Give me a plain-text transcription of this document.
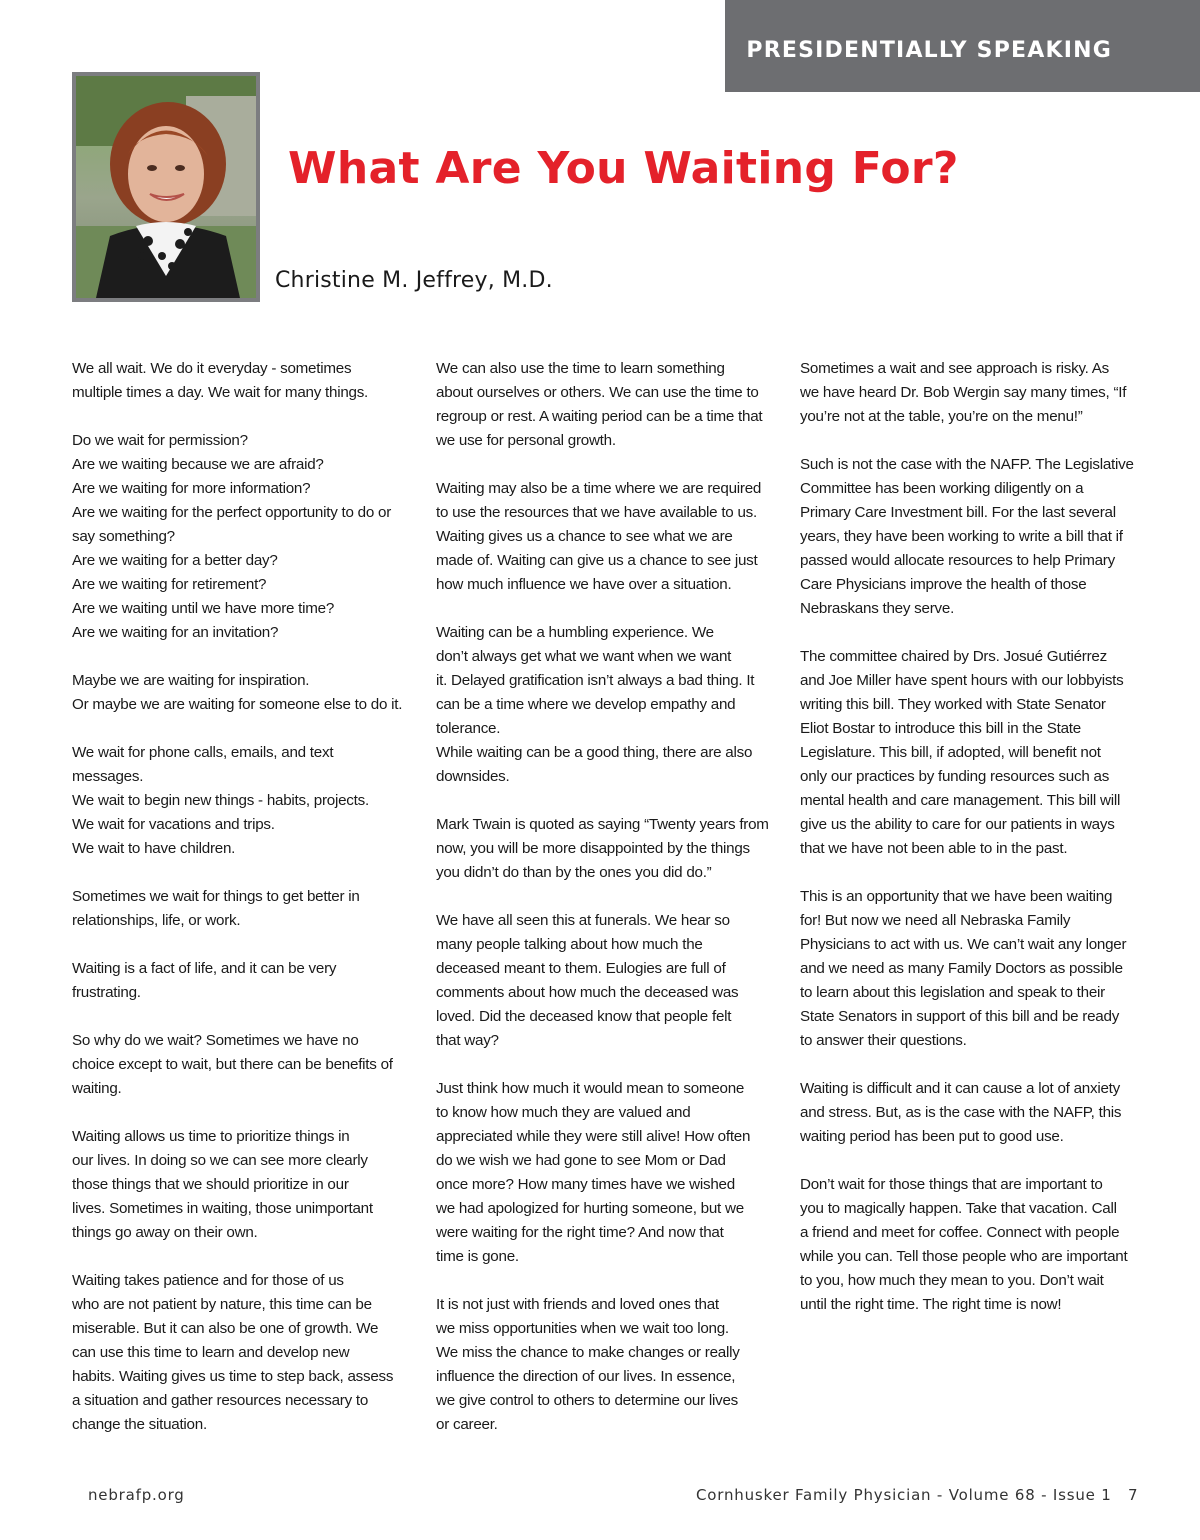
PRESIDENTIALLY SPEAKING
What Are You Waiting For?
Christine M. Jeffrey, M.D.

We all wait. We do it everyday - sometimes
multiple times a day. We wait for many things.

Do we wait for permission?
Are we waiting because we are afraid?
Are we waiting for more information?
Are we waiting for the perfect opportunity to do or
say something?
Are we waiting for a better day?
Are we waiting for retirement?
Are we waiting until we have more time?
Are we waiting for an invitation?

Maybe we are waiting for inspiration.
Or maybe we are waiting for someone else to do it.

We wait for phone calls, emails, and text messages.
We wait to begin new things - habits, projects.
We wait for vacations and trips.
We wait to have children.

Sometimes we wait for things to get better in
relationships, life, or work.

Waiting is a fact of life, and it can be very
frustrating.

So why do we wait? Sometimes we have no
choice except to wait, but there can be benefits of
waiting.

Waiting allows us time to prioritize things in
our lives. In doing so we can see more clearly
those things that we should prioritize in our
lives. Sometimes in waiting, those unimportant
things go away on their own.

Waiting takes patience and for those of us
who are not patient by nature, this time can be
miserable. But it can also be one of growth. We
can use this time to learn and develop new
habits. Waiting gives us time to step back, assess
a situation and gather resources necessary to
change the situation.

We can also use the time to learn something
about ourselves or others. We can use the time to
regroup or rest. A waiting period can be a time that
we use for personal growth.

Waiting may also be a time where we are required
to use the resources that we have available to us.
Waiting gives us a chance to see what we are
made of. Waiting can give us a chance to see just
how much influence we have over a situation.

Waiting can be a humbling experience. We
don’t always get what we want when we want
it. Delayed gratification isn’t always a bad thing. It
can be a time where we develop empathy and
tolerance.
While waiting can be a good thing, there are also
downsides.

Mark Twain is quoted as saying “Twenty years from
now, you will be more disappointed by the things
you didn’t do than by the ones you did do.”

We have all seen this at funerals. We hear so
many people talking about how much the
deceased meant to them. Eulogies are full of
comments about how much the deceased was
loved. Did the deceased know that people felt
that way?

Just think how much it would mean to someone
to know how much they are valued and
appreciated while they were still alive! How often
do we wish we had gone to see Mom or Dad
once more? How many times have we wished
we had apologized for hurting someone, but we
were waiting for the right time? And now that
time is gone.

It is not just with friends and loved ones that
we miss opportunities when we wait too long.
We miss the chance to make changes or really
influence the direction of our lives. In essence,
we give control to others to determine our lives
or career.

Sometimes a wait and see approach is risky. As
we have heard Dr. Bob Wergin say many times, “If
you’re not at the table, you’re on the menu!”

Such is not the case with the NAFP. The Legislative
Committee has been working diligently on a
Primary Care Investment bill. For the last several
years, they have been working to write a bill that if
passed would allocate resources to help Primary
Care Physicians improve the health of those
Nebraskans they serve.

The committee chaired by Drs. Josué Gutiérrez
and Joe Miller have spent hours with our lobbyists
writing this bill. They worked with State Senator
Eliot Bostar to introduce this bill in the State
Legislature. This bill, if adopted, will benefit not
only our practices by funding resources such as
mental health and care management. This bill will
give us the ability to care for our patients in ways
that we have not been able to in the past.

This is an opportunity that we have been waiting
for! But now we need all Nebraska Family
Physicians to act with us. We can’t wait any longer
and we need as many Family Doctors as possible
to learn about this legislation and speak to their
State Senators in support of this bill and be ready
to answer their questions.

Waiting is difficult and it can cause a lot of anxiety
and stress. But, as is the case with the NAFP, this
waiting period has been put to good use.

Don’t wait for those things that are important to
you to magically happen. Take that vacation. Call
a friend and meet for coffee. Connect with people
while you can. Tell those people who are important
to you, how much they mean to you. Don’t wait
until the right time. The right time is now!

nebrafp.org	Cornhusker Family Physician - Volume 68 - Issue 1 7
